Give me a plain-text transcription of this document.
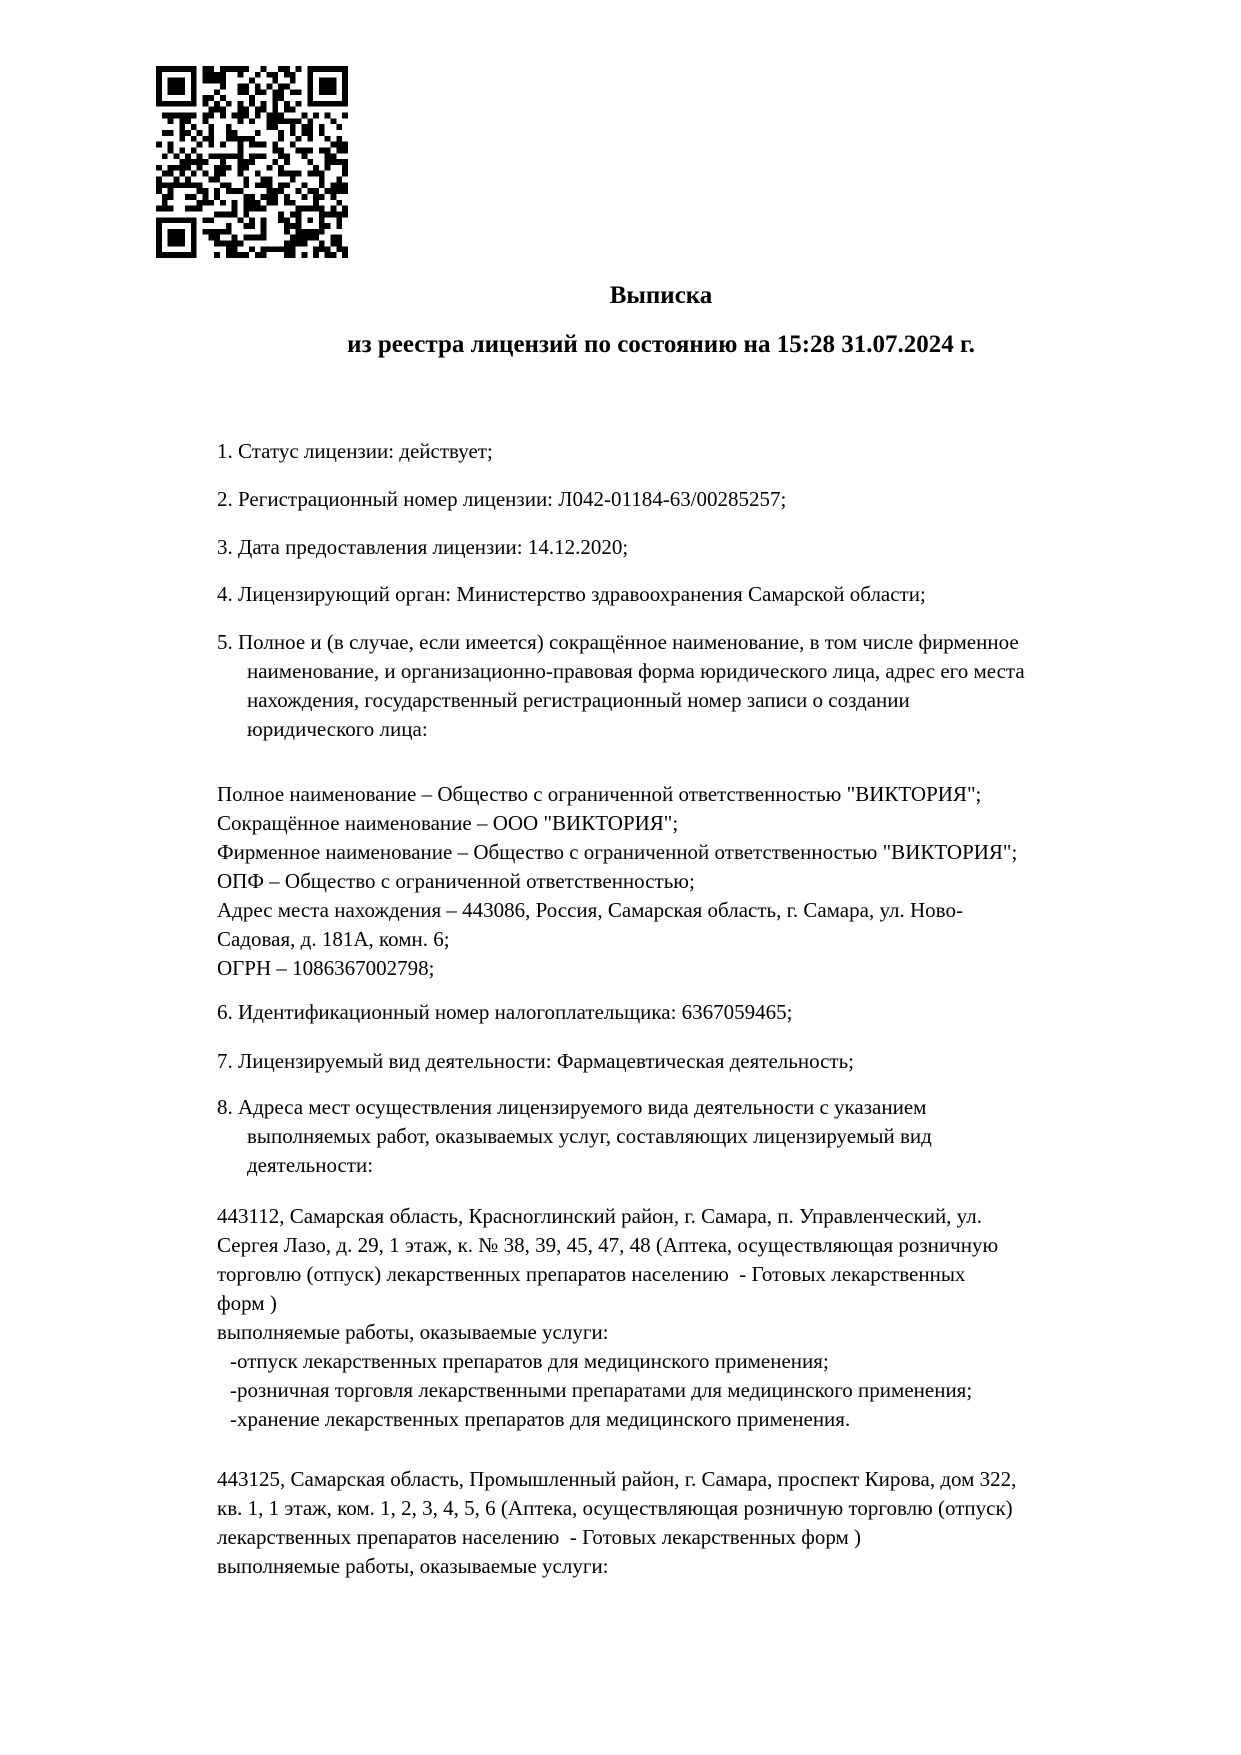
Выписка
из реестра лицензий по состоянию на 15:28 31.07.2024 г.
1. Статус лицензии: действует;
2. Регистрационный номер лицензии: Л042-01184-63/00285257;
3. Дата предоставления лицензии: 14.12.2020;
4. Лицензирующий орган: Министерство здравоохранения Самарской области;
5. Полное и (в случае, если имеется) сокращённое наименование, в том числе фирменное
наименование, и организационно-правовая форма юридического лица, адрес его места
нахождения, государственный регистрационный номер записи о создании
юридического лица:
Полное наименование – Общество с ограниченной ответственностью "ВИКТОРИЯ";
Сокращённое наименование – ООО "ВИКТОРИЯ";
Фирменное наименование – Общество с ограниченной ответственностью "ВИКТОРИЯ";
ОПФ – Общество с ограниченной ответственностью;
Адрес места нахождения – 443086, Россия, Самарская область, г. Самара, ул. Ново-
Садовая, д. 181А, комн. 6;
ОГРН – 1086367002798;
6. Идентификационный номер налогоплательщика: 6367059465;
7. Лицензируемый вид деятельности: Фармацевтическая деятельность;
8. Адреса мест осуществления лицензируемого вида деятельности с указанием
выполняемых работ, оказываемых услуг, составляющих лицензируемый вид
деятельности:
443112, Самарская область, Красноглинский район, г. Самара, п. Управленческий, ул.
Сергея Лазо, д. 29, 1 этаж, к. № 38, 39, 45, 47, 48 (Аптека, осуществляющая розничную
торговлю (отпуск) лекарственных препаратов населению  - Готовых лекарственных
форм )
выполняемые работы, оказываемые услуги:
-отпуск лекарственных препаратов для медицинского применения;
-розничная торговля лекарственными препаратами для медицинского применения;
-хранение лекарственных препаратов для медицинского применения.
443125, Самарская область, Промышленный район, г. Самара, проспект Кирова, дом 322,
кв. 1, 1 этаж, ком. 1, 2, 3, 4, 5, 6 (Аптека, осуществляющая розничную торговлю (отпуск)
лекарственных препаратов населению  - Готовых лекарственных форм )
выполняемые работы, оказываемые услуги:
